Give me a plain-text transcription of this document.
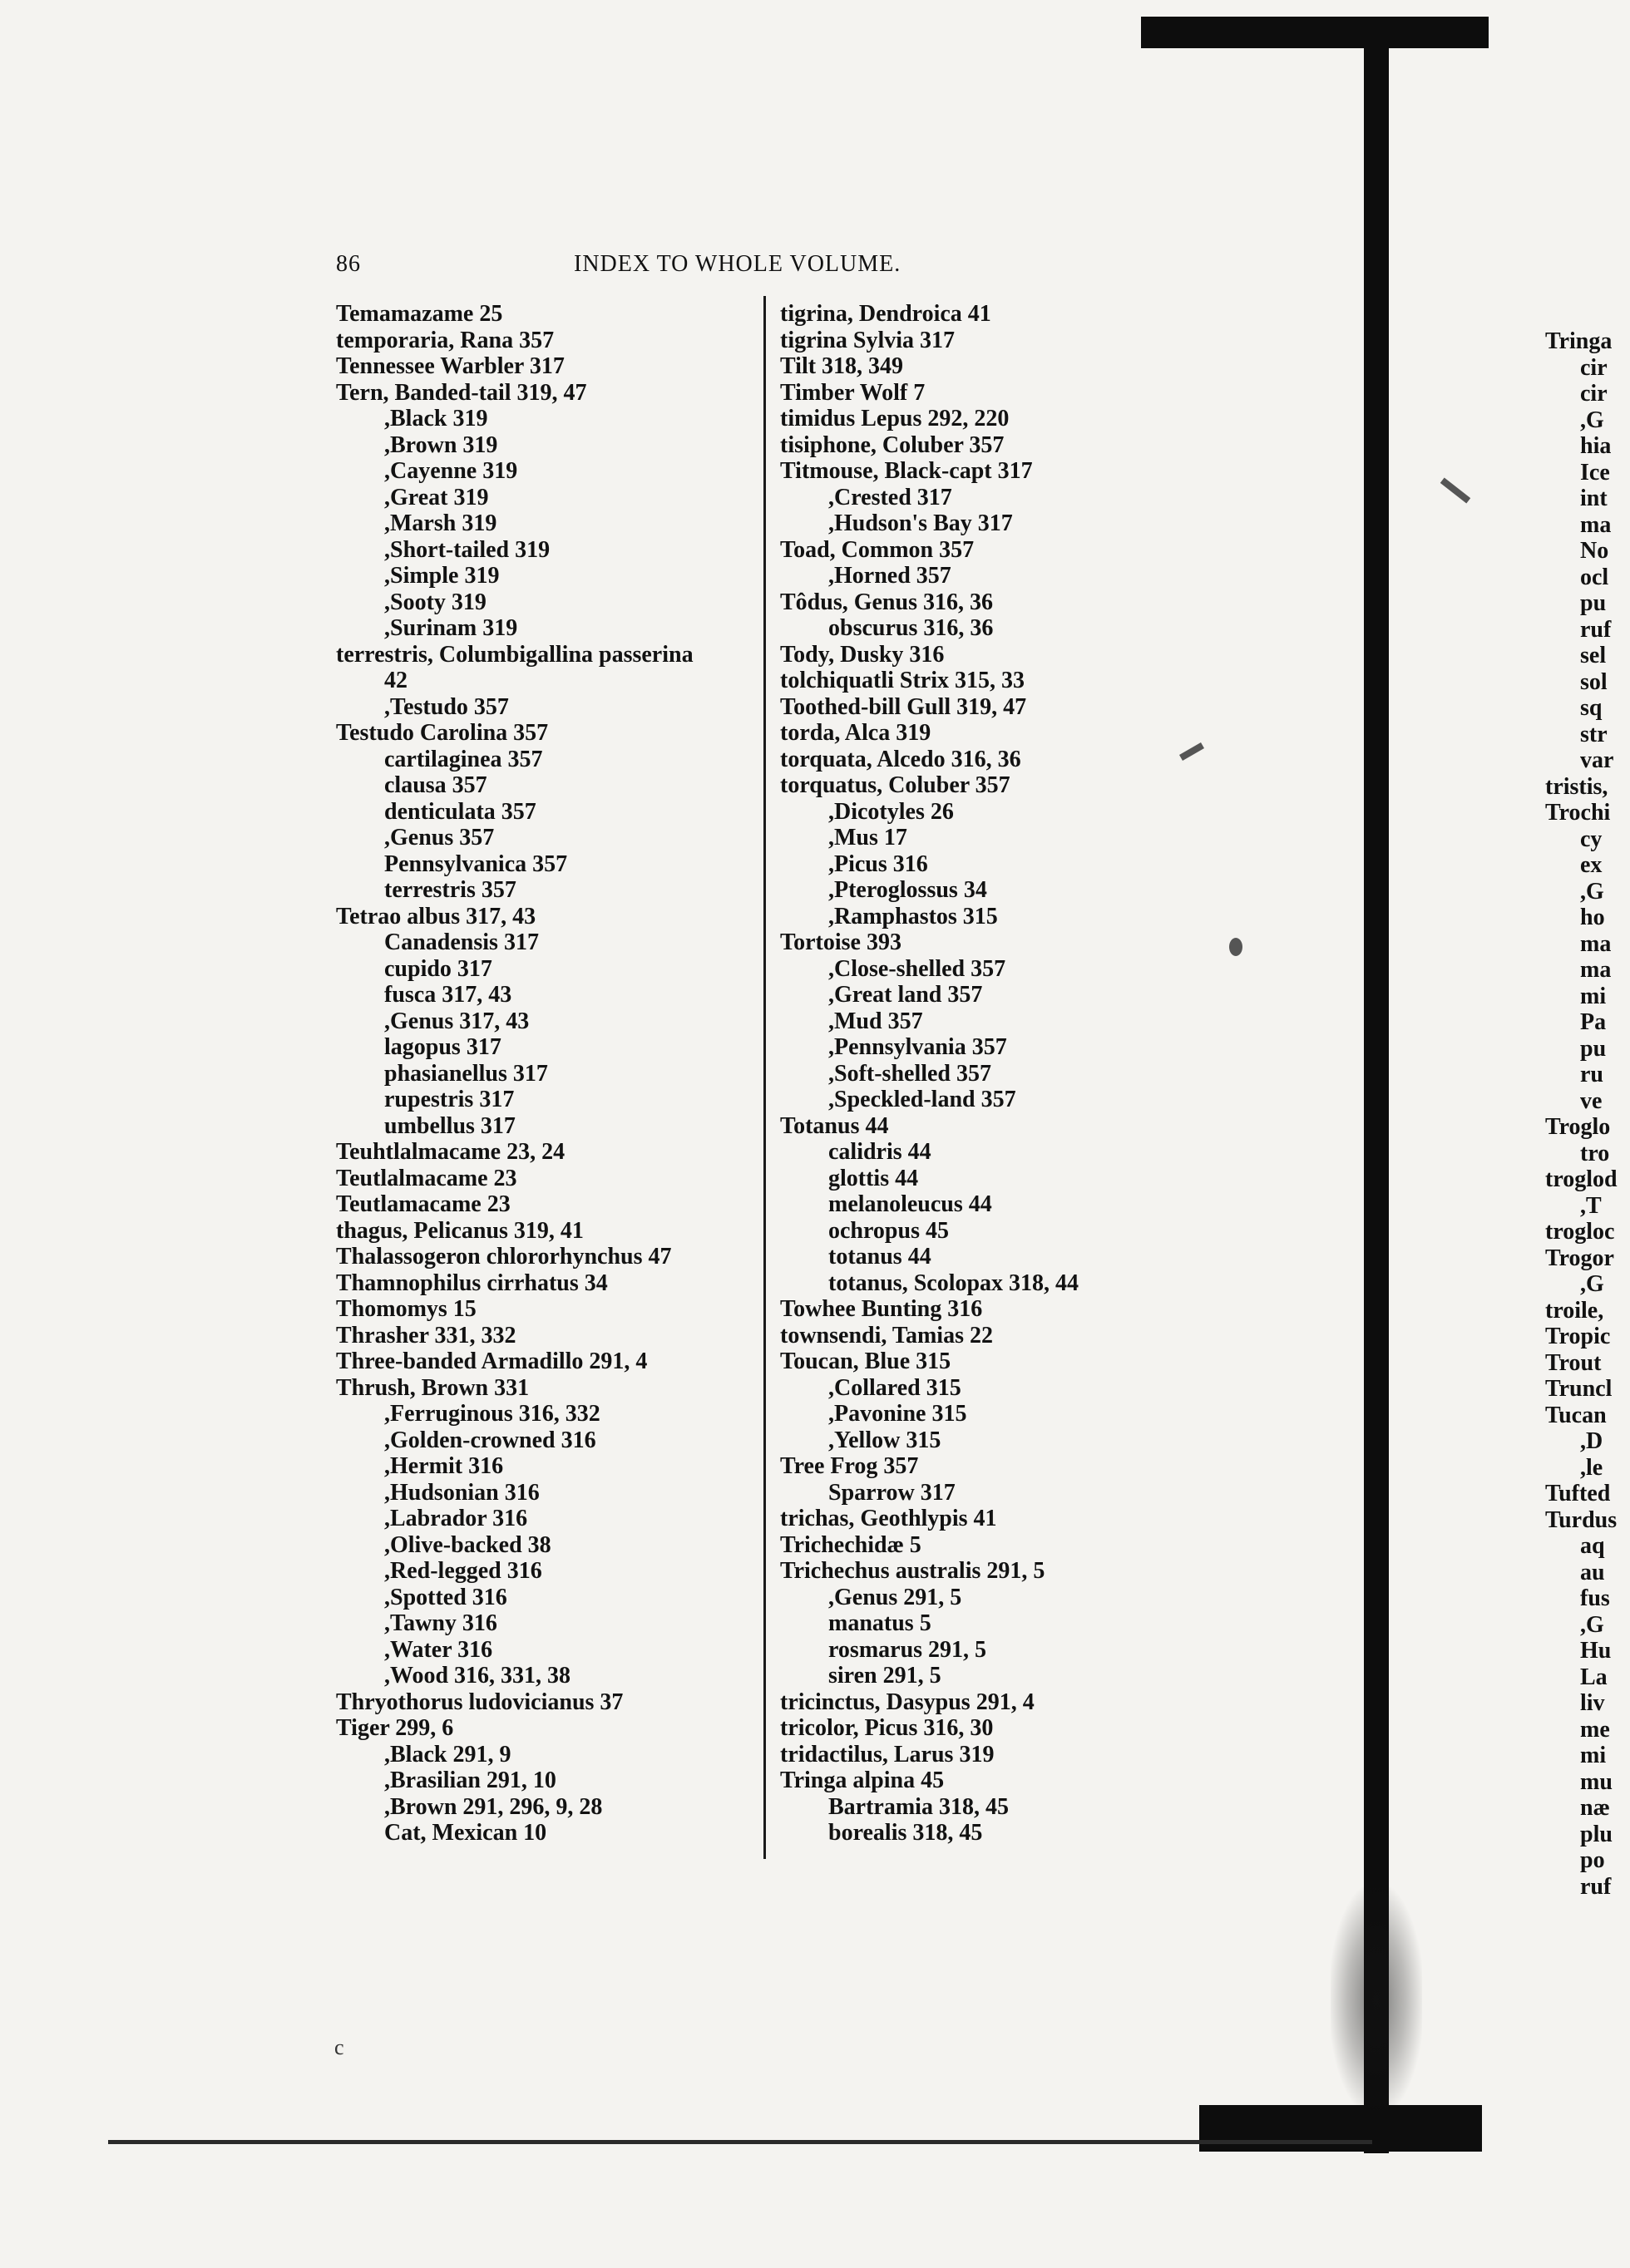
86	INDEX TO WHOLE VOLUME.
Temamazame 25
temporaria, Rana 357
Tennessee Warbler 317
Tern, Banded-tail 319, 47
,Black 319
,Brown 319
,Cayenne 319
,Great 319
,Marsh 319
,Short-tailed 319
,Simple 319
,Sooty 319
,Surinam 319
terrestris, Columbigallina passerina
42
,Testudo 357
Testudo Carolina 357
cartilaginea 357
clausa 357
denticulata 357
,Genus 357
Pennsylvanica 357
terrestris 357
Tetrao albus 317, 43
Canadensis 317
cupido 317
fusca 317, 43
,Genus 317, 43
lagopus 317
phasianellus 317
rupestris 317
umbellus 317
Teuhtlalmacame 23, 24
Teutlalmacame 23
Teutlamacame 23
thagus, Pelicanus 319, 41
Thalassogeron chlororhynchus 47
Thamnophilus cirrhatus 34
Thomomys 15
Thrasher 331, 332
Three-banded Armadillo 291, 4
Thrush, Brown 331
,Ferruginous 316, 332
,Golden-crowned 316
,Hermit 316
,Hudsonian 316
,Labrador 316
,Olive-backed 38
,Red-legged 316
,Spotted 316
,Tawny 316
,Water 316
,Wood 316, 331, 38
Thryothorus ludovicianus 37
Tiger 299, 6
,Black 291, 9
,Brasilian 291, 10
,Brown 291, 296, 9, 28
Cat, Mexican 10
tigrina, Dendroica 41
tigrina Sylvia 317
Tilt 318, 349
Timber Wolf 7
timidus Lepus 292, 220
tisiphone, Coluber 357
Titmouse, Black-capt 317
,Crested 317
,Hudson's Bay 317
Toad, Common 357
,Horned 357
Tôdus, Genus 316, 36
obscurus 316, 36
Tody, Dusky 316
tolchiquatli Strix 315, 33
Toothed-bill Gull 319, 47
torda, Alca 319
torquata, Alcedo 316, 36
torquatus, Coluber 357
,Dicotyles 26
,Mus 17
,Picus 316
,Pteroglossus 34
,Ramphastos 315
Tortoise 393
,Close-shelled 357
,Great land 357
,Mud 357
,Pennsylvania 357
,Soft-shelled 357
,Speckled-land 357
Totanus 44
calidris 44
glottis 44
melanoleucus 44
ochropus 45
totanus 44
totanus, Scolopax 318, 44
Towhee Bunting 316
townsendi, Tamias 22
Toucan, Blue 315
,Collared 315
,Pavonine 315
,Yellow 315
Tree Frog 357
Sparrow 317
trichas, Geothlypis 41
Trichechidæ 5
Trichechus australis 291, 5
,Genus 291, 5
manatus 5
rosmarus 291, 5
siren 291, 5
tricinctus, Dasypus 291, 4
tricolor, Picus 316, 30
tridactilus, Larus 319
Tringa alpina 45
Bartramia 318, 45
borealis 318, 45
Tringa
cir
cir
,G
hia
Ice
int
ma
No
ocl
pu
ruf
sel
sol
sq
str
var
tristis,
Trochi
cy
ex
,G
ho
ma
ma
mi
Pa
pu
ru
ve
Troglo
tro
troglod
,T
trogloc
Trogor
,G
troile,
Tropic
Trout
Truncl
Tucan
,D
,le
Tufted
Turdus
aq
au
fus
,G
Hu
La
liv
me
mi
mu
næ
plu
po
ruf
c
